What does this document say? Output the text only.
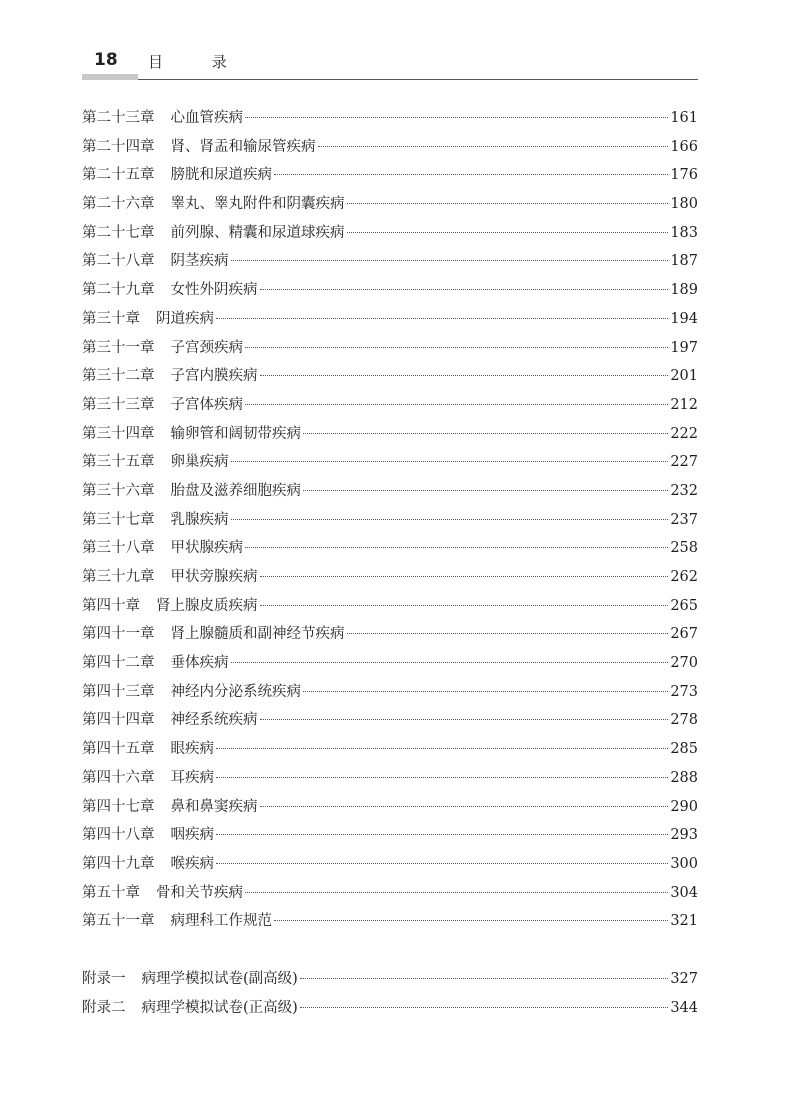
18 目 录
第二十三章	心血管疾病	161
第二十四章	肾、肾盂和输尿管疾病	166
第二十五章	膀胱和尿道疾病	176
第二十六章	睾丸、睾丸附件和阴囊疾病	180
第二十七章	前列腺、精囊和尿道球疾病	183
第二十八章	阴茎疾病	187
第二十九章	女性外阴疾病	189
第三十章	阴道疾病	194
第三十一章	子宫颈疾病	197
第三十二章	子宫内膜疾病	201
第三十三章	子宫体疾病	212
第三十四章	输卵管和阔韧带疾病	222
第三十五章	卵巢疾病	227
第三十六章	胎盘及滋养细胞疾病	232
第三十七章	乳腺疾病	237
第三十八章	甲状腺疾病	258
第三十九章	甲状旁腺疾病	262
第四十章	肾上腺皮质疾病	265
第四十一章	肾上腺髓质和副神经节疾病	267
第四十二章	垂体疾病	270
第四十三章	神经内分泌系统疾病	273
第四十四章	神经系统疾病	278
第四十五章	眼疾病	285
第四十六章	耳疾病	288
第四十七章	鼻和鼻窦疾病	290
第四十八章	咽疾病	293
第四十九章	喉疾病	300
第五十章	骨和关节疾病	304
第五十一章	病理科工作规范	321
附录一	病理学模拟试卷(副高级)	327
附录二	病理学模拟试卷(正高级)	344
